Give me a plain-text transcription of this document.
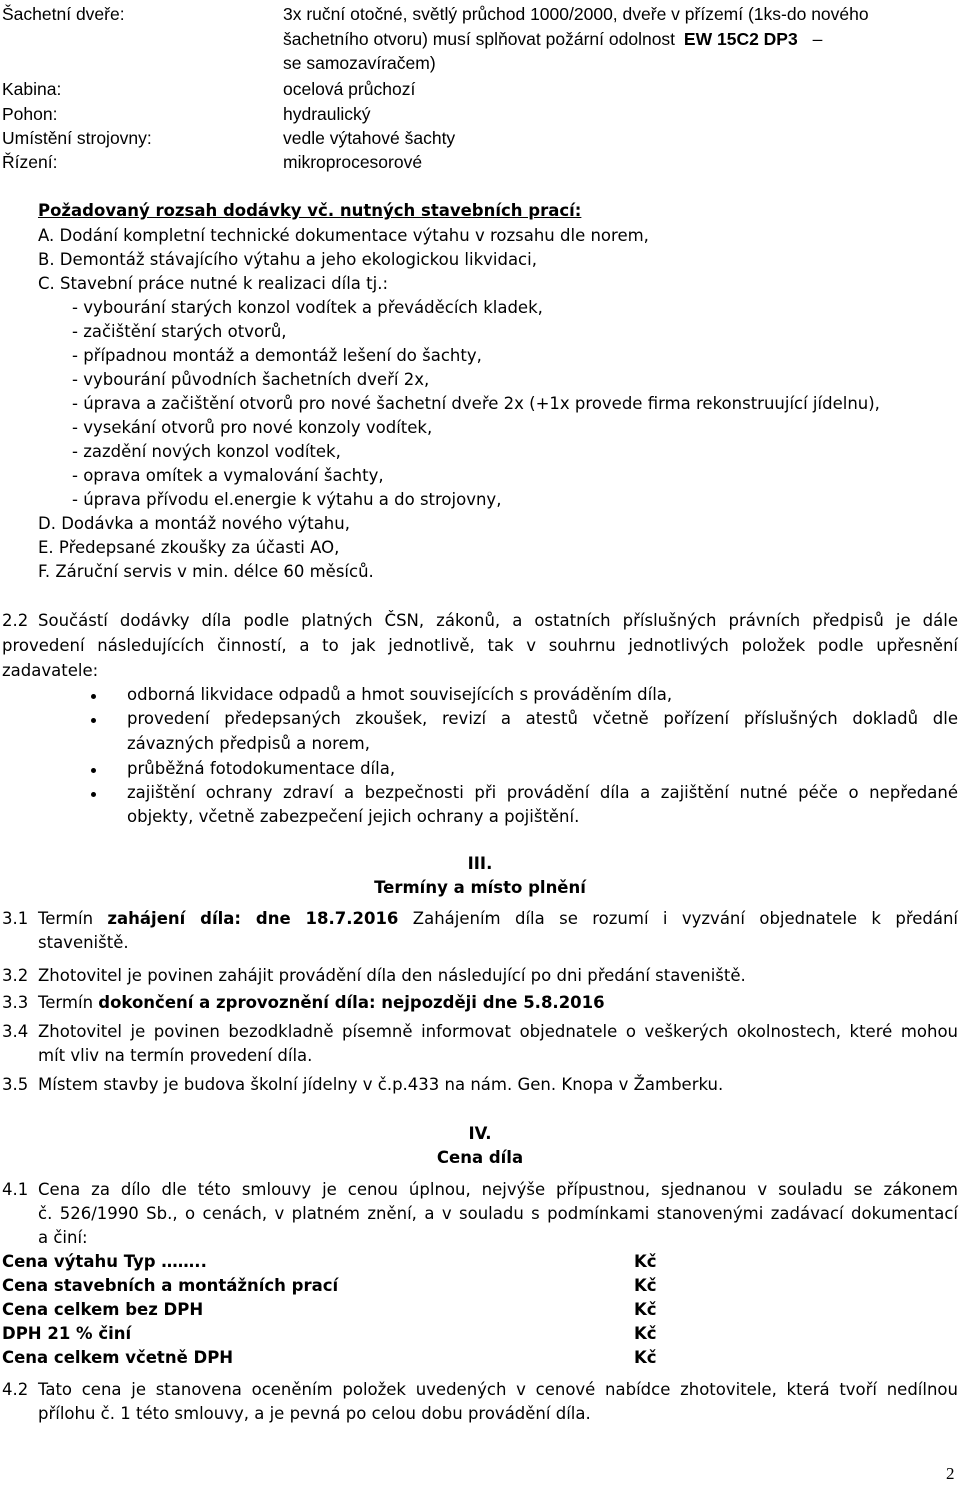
Šachetní dveře:	3x ruční otočné, světlý průchod 1000/2000, dveře v přízemí (1ks-do nového
šachetního otvoru) musí splňovat požární odolnost EW 15C2 DP3 –
se samozavíračem)
Kabina:	ocelová průchozí
Pohon:	hydraulický
Umístění strojovny:	vedle výtahové šachty
Řízení:	mikroprocesorové
Požadovaný rozsah dodávky vč. nutných stavebních prací:
A. Dodání kompletní technické dokumentace výtahu v rozsahu dle norem,
B. Demontáž stávajícího výtahu a jeho ekologickou likvidaci,
C. Stavební práce nutné k realizaci díla tj.:
- vybourání starých konzol vodítek a převáděcích kladek,
- začištění starých otvorů,
- případnou montáž a demontáž lešení do šachty,
- vybourání původních šachetních dveří 2x,
- úprava a začištění otvorů pro nové šachetní dveře 2x (+1x provede firma rekonstruující jídelnu),
- vysekání otvorů pro nové konzoly vodítek,
- zazdění nových konzol vodítek,
- oprava omítek a vymalování šachty,
- úprava přívodu el.energie k výtahu a do strojovny,
D. Dodávka a montáž nového výtahu,
E. Předepsané zkoušky za účasti AO,
F. Záruční servis v min. délce 60 měsíců.
2.2 Součástí dodávky díla podle platných ČSN, zákonů, a ostatních příslušných právních předpisů je dále
provedení následujících činností, a to jak jednotlivě, tak v souhrnu jednotlivých položek podle upřesnění
zadavatele:
odborná likvidace odpadů a hmot souvisejících s prováděním díla,
provedení předepsaných zkoušek, revizí a atestů včetně pořízení příslušných dokladů dle
závazných předpisů a norem,
průběžná fotodokumentace díla,
zajištění ochrany zdraví a bezpečnosti při provádění díla a zajištění nutné péče o nepředané
objekty, včetně zabezpečení jejich ochrany a pojištění.
III.
Termíny a místo plnění
3.1 Termín zahájení díla: dne 18.7.2016 Zahájením díla se rozumí i vyzvání objednatele k předání
staveniště.
3.2 Zhotovitel je povinen zahájit provádění díla den následující po dni předání staveniště.
3.3 Termín dokončení a zprovoznění díla: nejpozději dne 5.8.2016
3.4 Zhotovitel je povinen bezodkladně písemně informovat objednatele o veškerých okolnostech, které mohou
mít vliv na termín provedení díla.
3.5 Místem stavby je budova školní jídelny v č.p.433 na nám. Gen. Knopa v Žamberku.
IV.
Cena díla
4.1 Cena za dílo dle této smlouvy je cenou úplnou, nejvýše přípustnou, sjednanou v souladu se zákonem
č. 526/1990 Sb., o cenách, v platném znění, a v souladu s podmínkami stanovenými zadávací dokumentací
a činí:
Cena výtahu Typ ……..	Kč
Cena stavebních a montážních prací	Kč
Cena celkem bez DPH	Kč
DPH 21 % činí	Kč
Cena celkem včetně DPH	Kč
4.2 Tato cena je stanovena oceněním položek uvedených v cenové nabídce zhotovitele, která tvoří nedílnou
přílohu č. 1 této smlouvy, a je pevná po celou dobu provádění díla.
2
